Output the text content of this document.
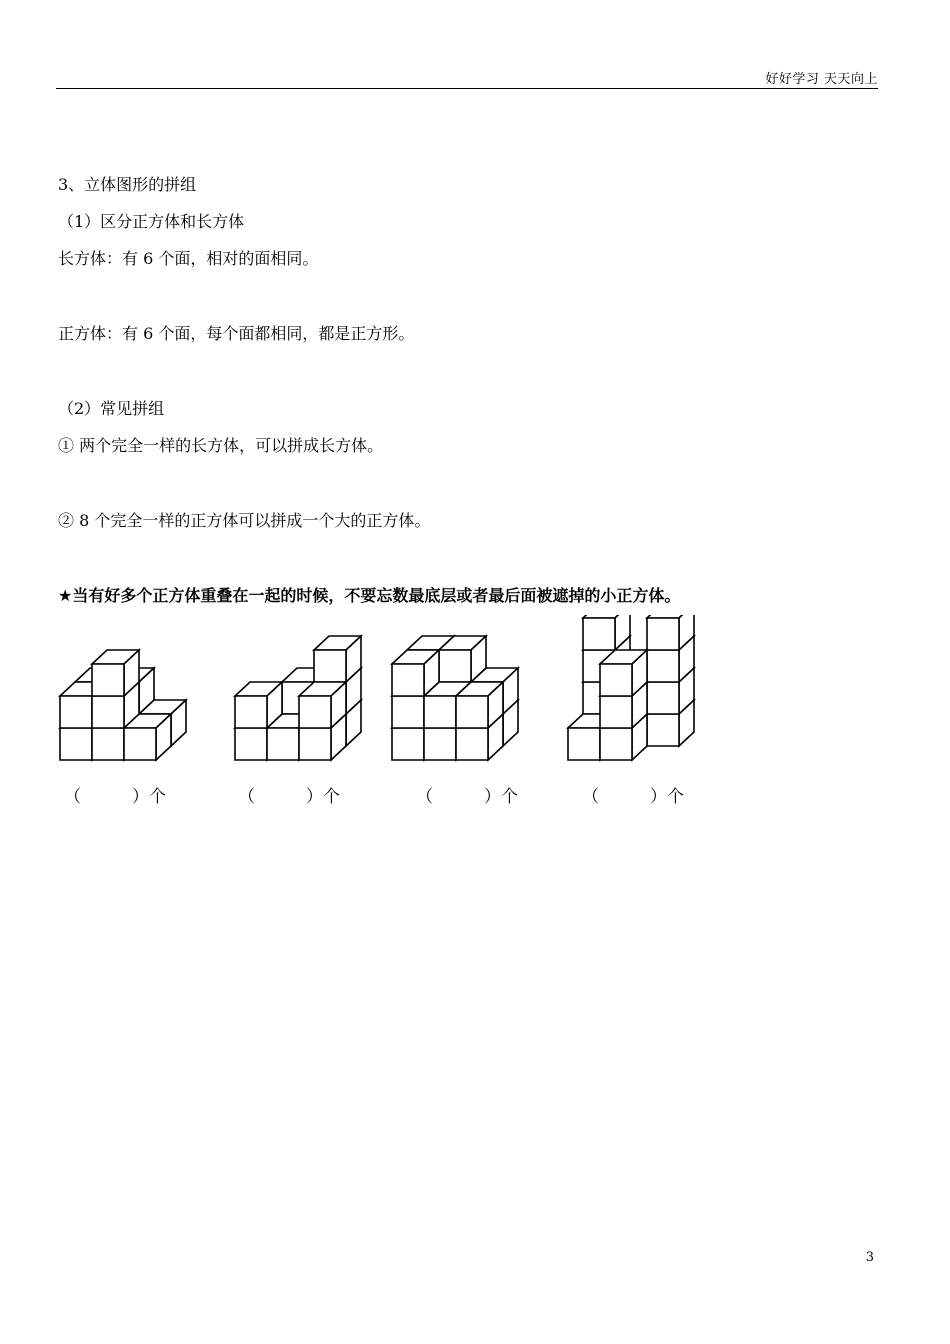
好好学习 天天向上
3、立体图形的拼组
（1）区分正方体和长方体
长方体：有 6 个面，相对的面相同。
正方体：有 6 个面，每个面都相同，都是正方形。
（2）常见拼组
① 两个完全一样的长方体，可以拼成长方体。
② 8 个完全一样的正方体可以拼成一个大的正方体。
★当有好多个正方体重叠在一起的时候，不要忘数最底层或者最后面被遮掉的小正方体。
（　　　）个	（　　　）个	（　　　）个	（　　　）个
3
